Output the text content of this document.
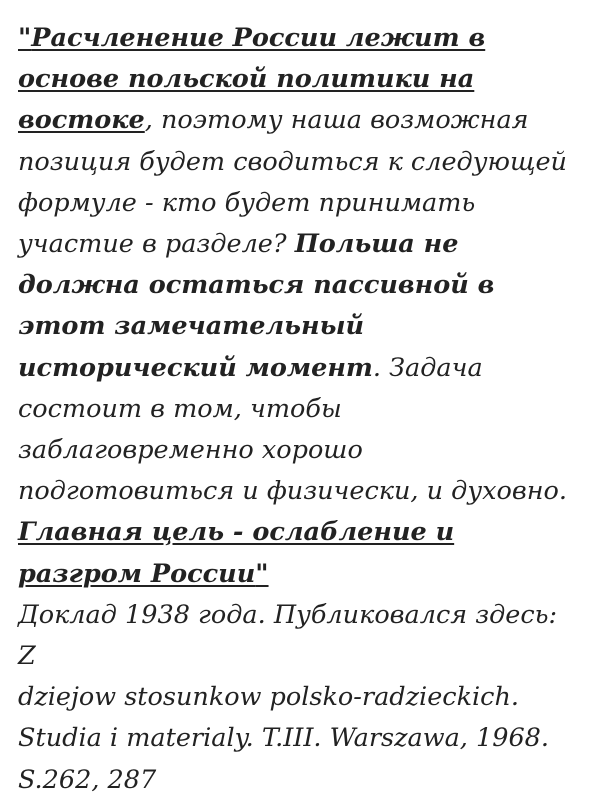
"Расчленение России лежит в основе польской политики на востоке, поэтому наша возможная позиция будет сводиться к следующей формуле - кто будет принимать участие в разделе? Польша не должна остаться пассивной в этот замечательный исторический момент. Задача состоит в том, чтобы заблаговременно хорошо подготовиться и физически, и духовно. Главная цель - ослабление и разгром России"

Доклад 1938 года. Публиковался здесь: Z

dziejow stosunkow polsko-radzieckich.

Studia i materialy. T.III. Warszawa, 1968.

S.262, 287
